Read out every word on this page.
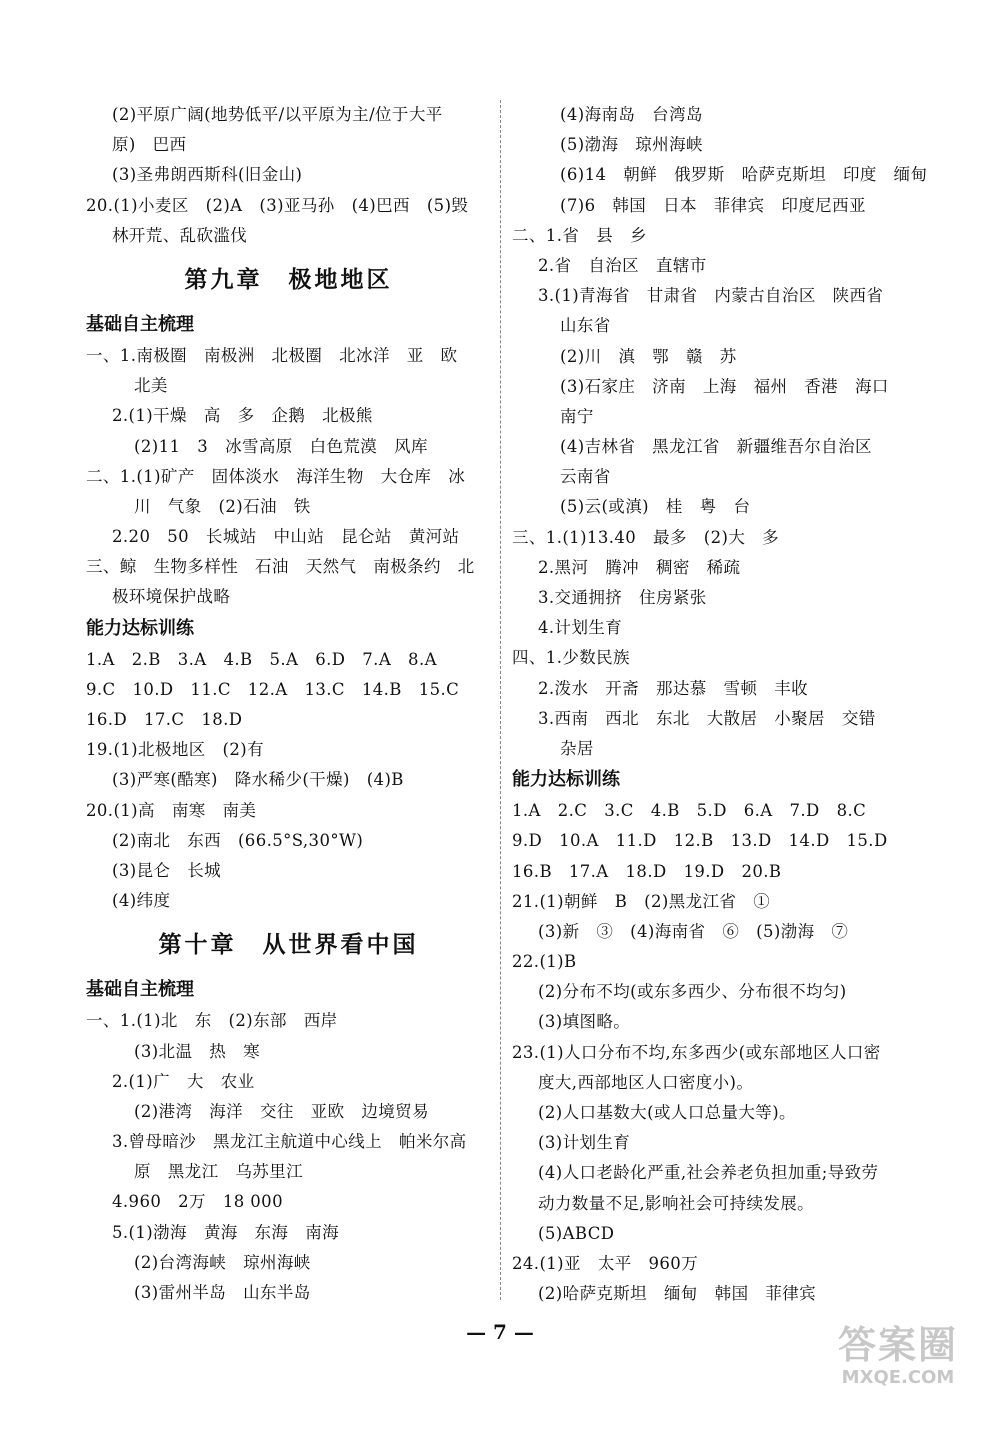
(2)平原广阔(地势低平/以平原为主/位于大平
原)　巴西
(3)圣弗朗西斯科(旧金山)
20.(1)小麦区　(2)A　(3)亚马孙　(4)巴西　(5)毁
林开荒、乱砍滥伐
第九章　极地地区
基础自主梳理
一、1.南极圈　南极洲　北极圈　北冰洋　亚　欧
北美
2.(1)干燥　高　多　企鹅　北极熊
(2)11　3　冰雪高原　白色荒漠　风库
二、1.(1)矿产　固体淡水　海洋生物　大仓库　冰
川　气象　(2)石油　铁
2.20　50　长城站　中山站　昆仑站　黄河站
三、鲸　生物多样性　石油　天然气　南极条约　北
极环境保护战略
能力达标训练
1.A　2.B　3.A　4.B　5.A　6.D　7.A　8.A
9.C　10.D　11.C　12.A　13.C　14.B　15.C
16.D　17.C　18.D
19.(1)北极地区　(2)有
(3)严寒(酷寒)　降水稀少(干燥)　(4)B
20.(1)高　南寒　南美
(2)南北　东西　(66.5°S,30°W)
(3)昆仑　长城
(4)纬度
第十章　从世界看中国
基础自主梳理
一、1.(1)北　东　(2)东部　西岸
(3)北温　热　寒
2.(1)广　大　农业
(2)港湾　海洋　交往　亚欧　边境贸易
3.曾母暗沙　黑龙江主航道中心线上　帕米尔高
原　黑龙江　乌苏里江
4.960　2万　18 000
5.(1)渤海　黄海　东海　南海
(2)台湾海峡　琼州海峡
(3)雷州半岛　山东半岛
(4)海南岛　台湾岛
(5)渤海　琼州海峡
(6)14　朝鲜　俄罗斯　哈萨克斯坦　印度　缅甸
(7)6　韩国　日本　菲律宾　印度尼西亚
二、1.省　县　乡
2.省　自治区　直辖市
3.(1)青海省　甘肃省　内蒙古自治区　陕西省
山东省
(2)川　滇　鄂　赣　苏
(3)石家庄　济南　上海　福州　香港　海口
南宁
(4)吉林省　黑龙江省　新疆维吾尔自治区
云南省
(5)云(或滇)　桂　粤　台
三、1.(1)13.40　最多　(2)大　多
2.黑河　腾冲　稠密　稀疏
3.交通拥挤　住房紧张
4.计划生育
四、1.少数民族
2.泼水　开斋　那达慕　雪顿　丰收
3.西南　西北　东北　大散居　小聚居　交错
杂居
能力达标训练
1.A　2.C　3.C　4.B　5.D　6.A　7.D　8.C
9.D　10.A　11.D　12.B　13.D　14.D　15.D
16.B　17.A　18.D　19.D　20.B
21.(1)朝鲜　B　(2)黑龙江省　①
(3)新　③　(4)海南省　⑥　(5)渤海　⑦
22.(1)B
(2)分布不均(或东多西少、分布很不均匀)
(3)填图略。
23.(1)人口分布不均,东多西少(或东部地区人口密
度大,西部地区人口密度小)。
(2)人口基数大(或人口总量大等)。
(3)计划生育
(4)人口老龄化严重,社会养老负担加重;导致劳
动力数量不足,影响社会可持续发展。
(5)ABCD
24.(1)亚　太平　960万
(2)哈萨克斯坦　缅甸　韩国　菲律宾
— 7 —	答案圈
MXQE.COM
